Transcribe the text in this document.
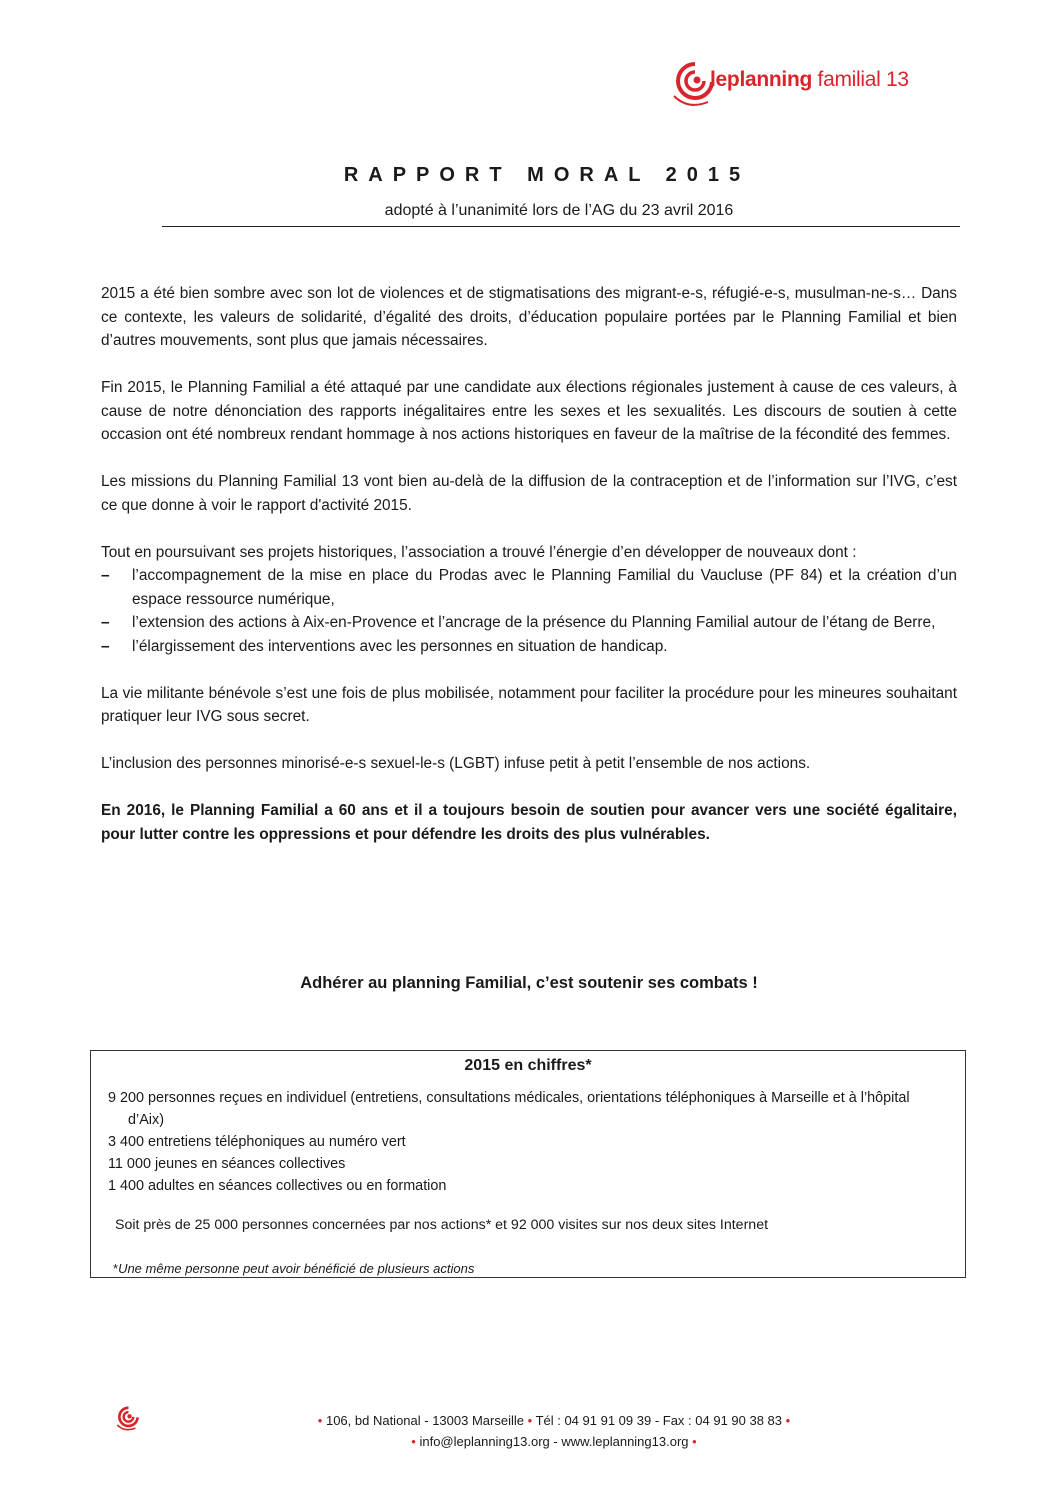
leplanning familial 13
RAPPORT MORAL 2015
adopté à l’unanimité lors de l’AG du 23 avril 2016

2015 a été bien sombre avec son lot de violences et de stigmatisations des migrant-e-s, réfugié-e-s, musulman-ne-s… Dans ce contexte, les valeurs de solidarité, d’égalité des droits, d’éducation populaire portées par le Planning Familial et bien d’autres mouvements, sont plus que jamais nécessaires.

Fin 2015, le Planning Familial a été attaqué par une candidate aux élections régionales justement à cause de ces valeurs, à cause de notre dénonciation des rapports inégalitaires entre les sexes et les sexualités. Les discours de soutien à cette occasion ont été nombreux rendant hommage à nos actions historiques en faveur de la maîtrise de la fécondité des femmes.

Les missions du Planning Familial 13 vont bien au-delà de la diffusion de la contraception et de l’information sur l’IVG, c’est ce que donne à voir le rapport d'activité 2015.

Tout en poursuivant ses projets historiques, l’association a trouvé l’énergie d’en développer de nouveaux dont :

– l’accompagnement de la mise en place du Prodas avec le Planning Familial du Vaucluse (PF 84) et la création d’un espace ressource numérique,
– l’extension des actions à Aix-en-Provence et l’ancrage de la présence du Planning Familial autour de l’étang de Berre,
– l’élargissement des interventions avec les personnes en situation de handicap.

La vie militante bénévole s’est une fois de plus mobilisée, notamment pour faciliter la procédure pour les mineures souhaitant pratiquer leur IVG sous secret.

L’inclusion des personnes minorisé-e-s sexuel-le-s (LGBT) infuse petit à petit l’ensemble de nos actions.

En 2016, le Planning Familial a 60 ans et il a toujours besoin de soutien pour avancer vers une société égalitaire, pour lutter contre les oppressions et pour défendre les droits des plus vulnérables.

Adhérer au planning Familial, c’est soutenir ses combats !
2015 en chiffres*
9 200 personnes reçues en individuel (entretiens, consultations médicales, orientations téléphoniques à Marseille et à l’hôpital d’Aix)
3 400 entretiens téléphoniques au numéro vert
11 000 jeunes en séances collectives
1 400 adultes en séances collectives ou en formation
Soit près de 25 000 personnes concernées par nos actions* et 92 000 visites sur nos deux sites Internet
*Une même personne peut avoir bénéficié de plusieurs actions
• 106, bd National - 13003 Marseille • Tél : 04 91 91 09 39 - Fax : 04 91 90 38 83 •
• info@leplanning13.org - www.leplanning13.org •
